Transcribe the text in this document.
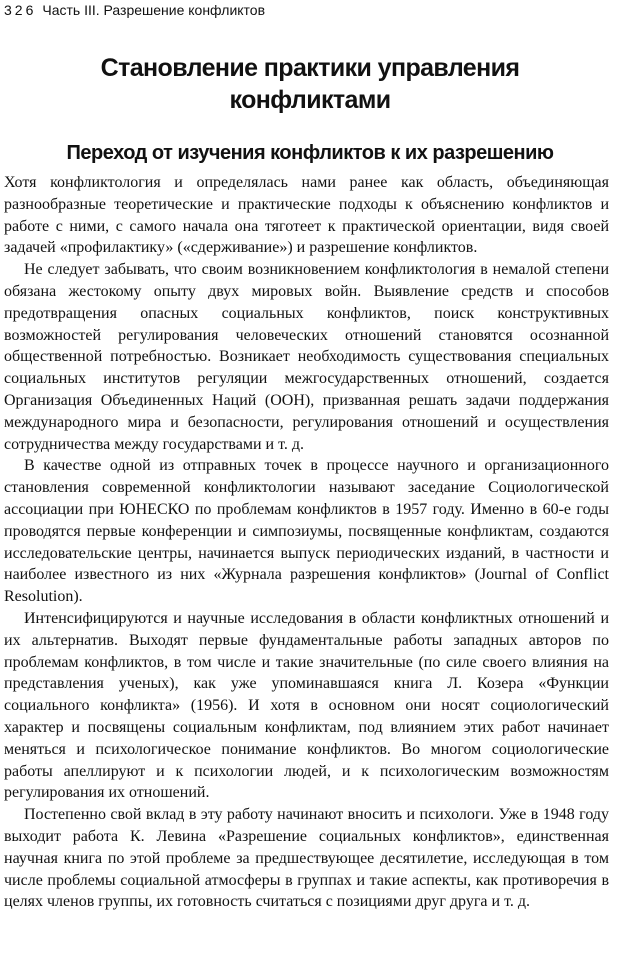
326 Часть III. Разрешение конфликтов
Становление практики управления конфликтами
Переход от изучения конфликтов к их разрешению

Хотя конфликтология и определялась нами ранее как область, объединяющая разнообразные теоретические и практические подходы к объяснению конфликтов и работе с ними, с самого начала она тяготеет к практической ориентации, видя своей задачей «профилактику» («сдерживание») и разрешение конфликтов.

Не следует забывать, что своим возникновением конфликтология в немалой степени обязана жестокому опыту двух мировых войн. Выявление средств и способов предотвращения опасных социальных конфликтов, поиск конструктивных возможностей регулирования человеческих отношений становятся осознанной общественной потребностью. Возникает необходимость существования специальных социальных институтов регуляции межгосударственных отношений, создается Организация Объединенных Наций (ООН), призванная решать задачи поддержания международного мира и безопасности, регулирования отношений и осуществления сотрудничества между государствами и т. д.

В качестве одной из отправных точек в процессе научного и организационного становления современной конфликтологии называют заседание Социологической ассоциации при ЮНЕСКО по проблемам конфликтов в 1957 году. Именно в 60-е годы проводятся первые конференции и симпозиумы, посвященные конфликтам, создаются исследовательские центры, начинается выпуск периодических изданий, в частности и наиболее известного из них «Журнала разрешения конфликтов» (Journal of Conflict Resolution).

Интенсифицируются и научные исследования в области конфликтных отношений и их альтернатив. Выходят первые фундаментальные работы западных авторов по проблемам конфликтов, в том числе и такие значительные (по силе своего влияния на представления ученых), как уже упоминавшаяся книга Л. Козера «Функции социального конфликта» (1956). И хотя в основном они носят социологический характер и посвящены социальным конфликтам, под влиянием этих работ начинает меняться и психологическое понимание конфликтов. Во многом социологические работы апеллируют и к психологии людей, и к психологическим возможностям регулирования их отношений.

Постепенно свой вклад в эту работу начинают вносить и психологи. Уже в 1948 году выходит работа К. Левина «Разрешение социальных конфликтов», единственная научная книга по этой проблеме за предшествующее десятилетие, исследующая в том числе проблемы социальной атмосферы в группах и такие аспекты, как противоречия в целях членов группы, их готовность считаться с позициями друг друга и т. д.
